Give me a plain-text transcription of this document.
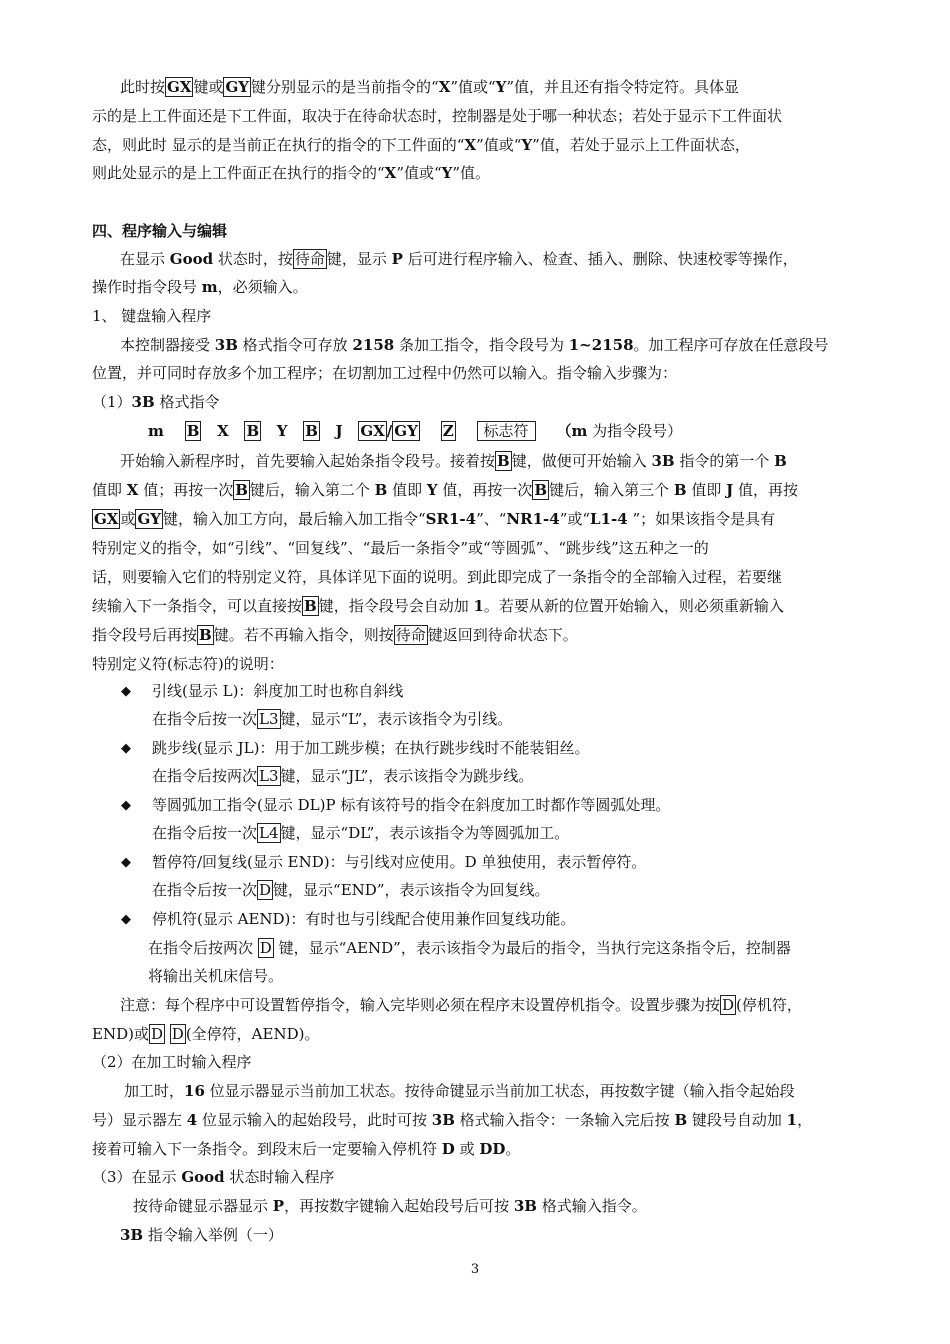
此时按 GX 键或 GY 键分别显示的是当前指令的“X”值或“Y”值，并且还有指令特定符。具体显
示的是上工件面还是下工件面，取决于在待命状态时，控制器是处于哪一种状态；若处于显示下工件面状
态，则此时 显示的是当前正在执行的指令的下工件面的“X”值或“Y”值，若处于显示上工件面状态，
则此处显示的是上工件面正在执行的指令的“X”值或“Y”值。
四、程序输入与编辑
在显示 Good 状态时，按 待命 键，显示 P 后可进行程序输入、检查、插入、删除、快速校零等操作，
操作时指令段号 m，必须输入。
1、 键盘输入程序
本控制器接受 3B 格式指令可存放 2158 条加工指令，指令段号为 1~2158。加工程序可存放在任意段号
位置，并可同时存放多个加工程序；在切割加工过程中仍然可以输入。指令输入步骤为：
（1）3B 格式指令
m B X B Y B J GX / GY Z 标志符 （m 为指令段号）
开始输入新程序时，首先要输入起始条指令段号。接着按 B 键，做便可开始输入 3B 指令的第一个 B
值即 X 值；再按一次 B 键后，输入第二个 B 值即 Y 值，再按一次 B 键后，输入第三个 B 值即 J 值，再按
GX 或 GY 键，输入加工方向，最后输入加工指令“SR1-4”、“NR1-4”或“L1-4 ”；如果该指令是具有
特别定义的指令，如“引线”、“回复线”、“最后一条指令”或“等圆弧”、“跳步线”这五种之一的
话，则要输入它们的特别定义符，具体详见下面的说明。到此即完成了一条指令的全部输入过程，若要继
续输入下一条指令，可以直接按 B 键，指令段号会自动加 1。若要从新的位置开始输入，则必须重新输入
指令段号后再按 B 键。若不再输入指令，则按 待命 键返回到待命状态下。
特别定义符(标志符)的说明：
◆ 引线(显示 L)：斜度加工时也称自斜线
在指令后按一次 L3 键，显示“L”，表示该指令为引线。
◆ 跳步线(显示 JL)：用于加工跳步模；在执行跳步线时不能装钼丝。
在指令后按两次 L3 键，显示“JL”，表示该指令为跳步线。
◆ 等圆弧加工指令(显示 DL)P 标有该符号的指令在斜度加工时都作等圆弧处理。
在指令后按一次 L4 键，显示“DL”，表示该指令为等圆弧加工。
◆ 暂停符/回复线(显示 END)：与引线对应使用。D 单独使用，表示暂停符。
在指令后按一次 D 键，显示“END”，表示该指令为回复线。
◆ 停机符(显示 AEND)：有时也与引线配合使用兼作回复线功能。
在指令后按两次 D 键，显示“AEND”，表示该指令为最后的指令，当执行完这条指令后，控制器
将输出关机床信号。
注意：每个程序中可设置暂停指令，输入完毕则必须在程序末设置停机指令。设置步骤为按 D (停机符，
END)或 D D (全停符，AEND)。
（2）在加工时输入程序
加工时，16 位显示器显示当前加工状态。按待命键显示当前加工状态，再按数字键（输入指令起始段
号）显示器左 4 位显示输入的起始段号，此时可按 3B 格式输入指令：一条输入完后按 B 键段号自动加 1，
接着可输入下一条指令。到段末后一定要输入停机符 D 或 DD。
（3）在显示 Good 状态时输入程序
按待命键显示器显示 P，再按数字键输入起始段号后可按 3B 格式输入指令。
3B 指令输入举例（一）
3
